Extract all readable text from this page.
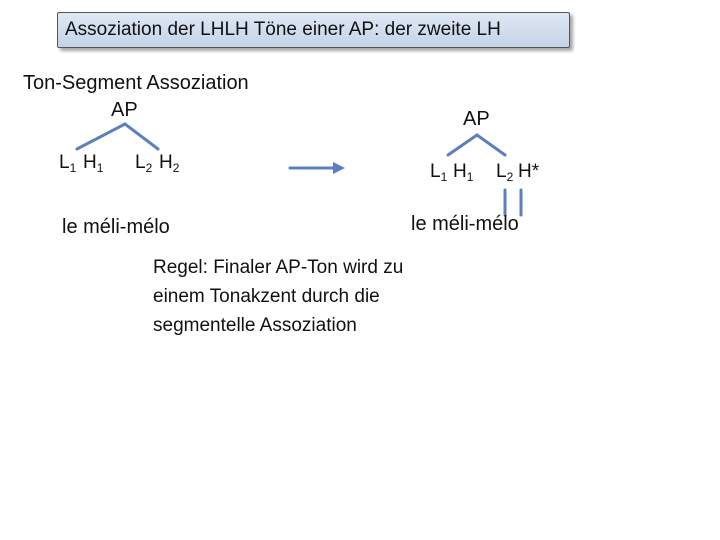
Assoziation der LHLH Töne einer AP: der zweite LH
Ton-Segment Assoziation
AP
$L_1$ $H_1$ $L_2$ $H_2$
le méli-mélo
AP
$L_1$ $H_1$ $L_2$ H*
le méli-mélo
Regel: Finaler AP-Ton wird zu einem Tonakzent durch die segmentelle Assoziation
